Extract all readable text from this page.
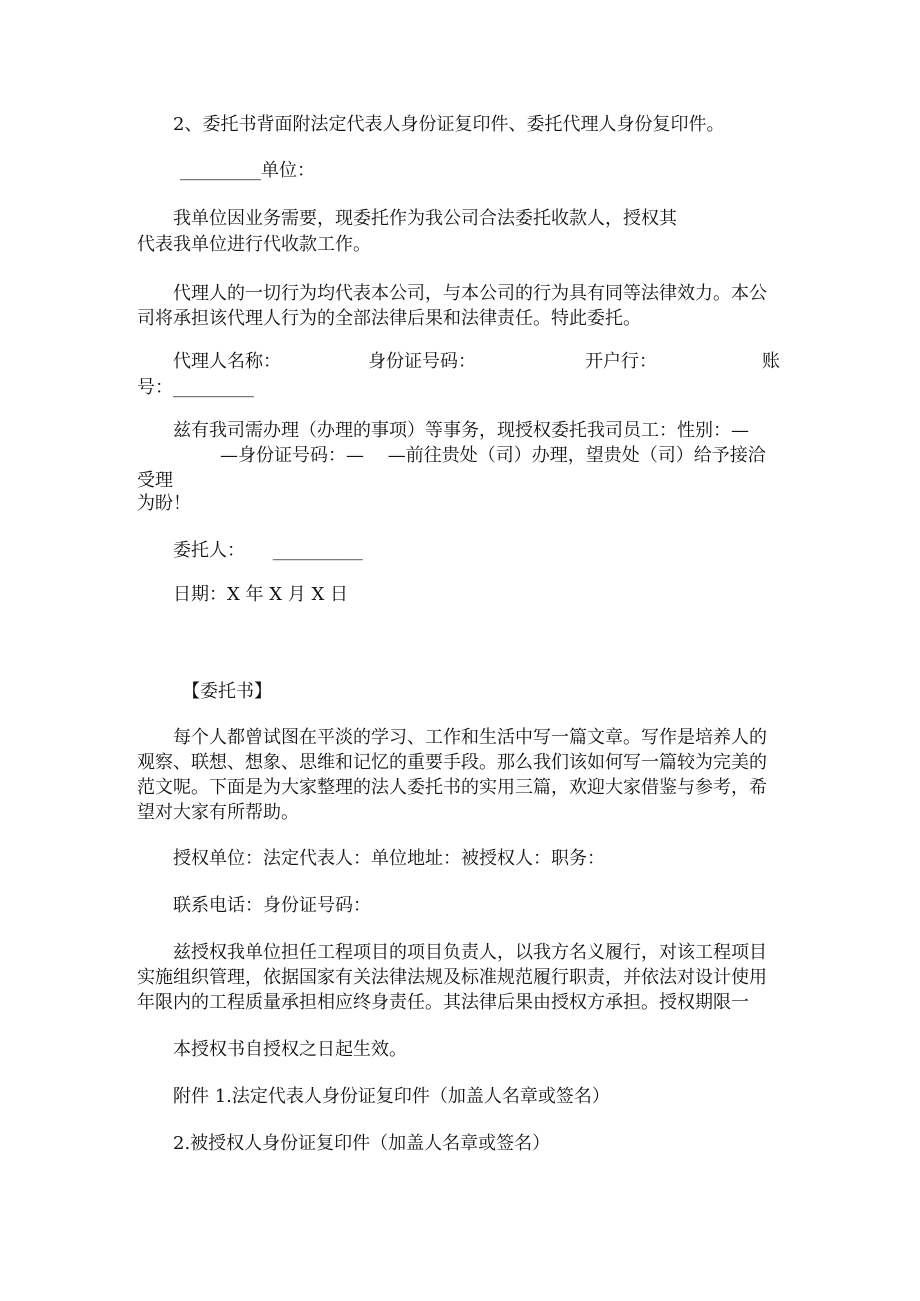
2、委托书背面附法定代表人身份证复印件、委托代理人身份复印件。
_________单位：
我单位因业务需要，现委托作为我公司合法委托收款人，授权其
代表我单位进行代收款工作。
代理人的一切行为均代表本公司，与本公司的行为具有同等法律效力。本公
司将承担该代理人行为的全部法律后果和法律责任。特此委托。
代理人名称：	身份证号码：	开户行：	账
号：_________
兹有我司需办理（办理的事项）等事务，现授权委托我司员工：性别：—
—身份证号码：—　 —前往贵处（司）办理，望贵处（司）给予接洽
受理
为盼！
委托人： __________
日期：X 年 X 月 X 日
【委托书】
每个人都曾试图在平淡的学习、工作和生活中写一篇文章。写作是培养人的
观察、联想、想象、思维和记忆的重要手段。那么我们该如何写一篇较为完美的
范文呢。下面是为大家整理的法人委托书的实用三篇，欢迎大家借鉴与参考，希
望对大家有所帮助。
授权单位：法定代表人：单位地址：被授权人：职务：
联系电话：身份证号码：
兹授权我单位担任工程项目的项目负责人，以我方名义履行，对该工程项目
实施组织管理，依据国家有关法律法规及标准规范履行职责，并依法对设计使用
年限内的工程质量承担相应终身责任。其法律后果由授权方承担。授权期限一
本授权书自授权之日起生效。
附件 1.法定代表人身份证复印件（加盖人名章或签名）
2.被授权人身份证复印件（加盖人名章或签名）
